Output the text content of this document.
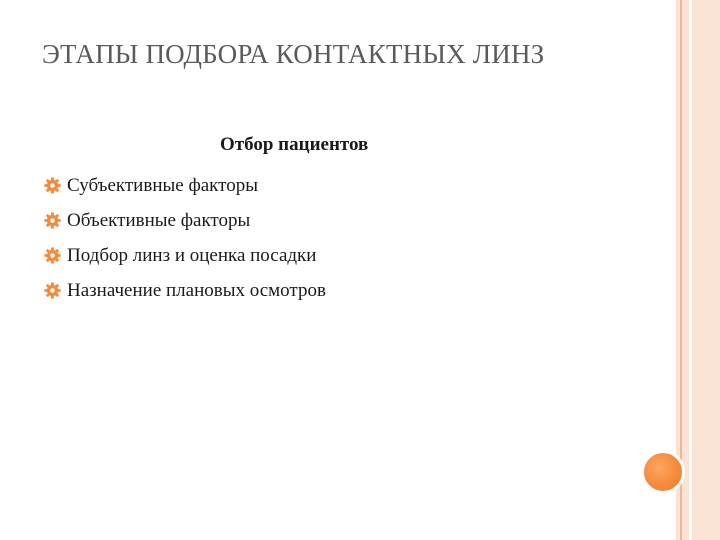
ЭТАПЫ ПОДБОРА КОНТАКТНЫХ ЛИНЗ

Отбор пациентов

Субъективные факторы
Объективные факторы
Подбор линз и оценка посадки
Назначение плановых осмотров
